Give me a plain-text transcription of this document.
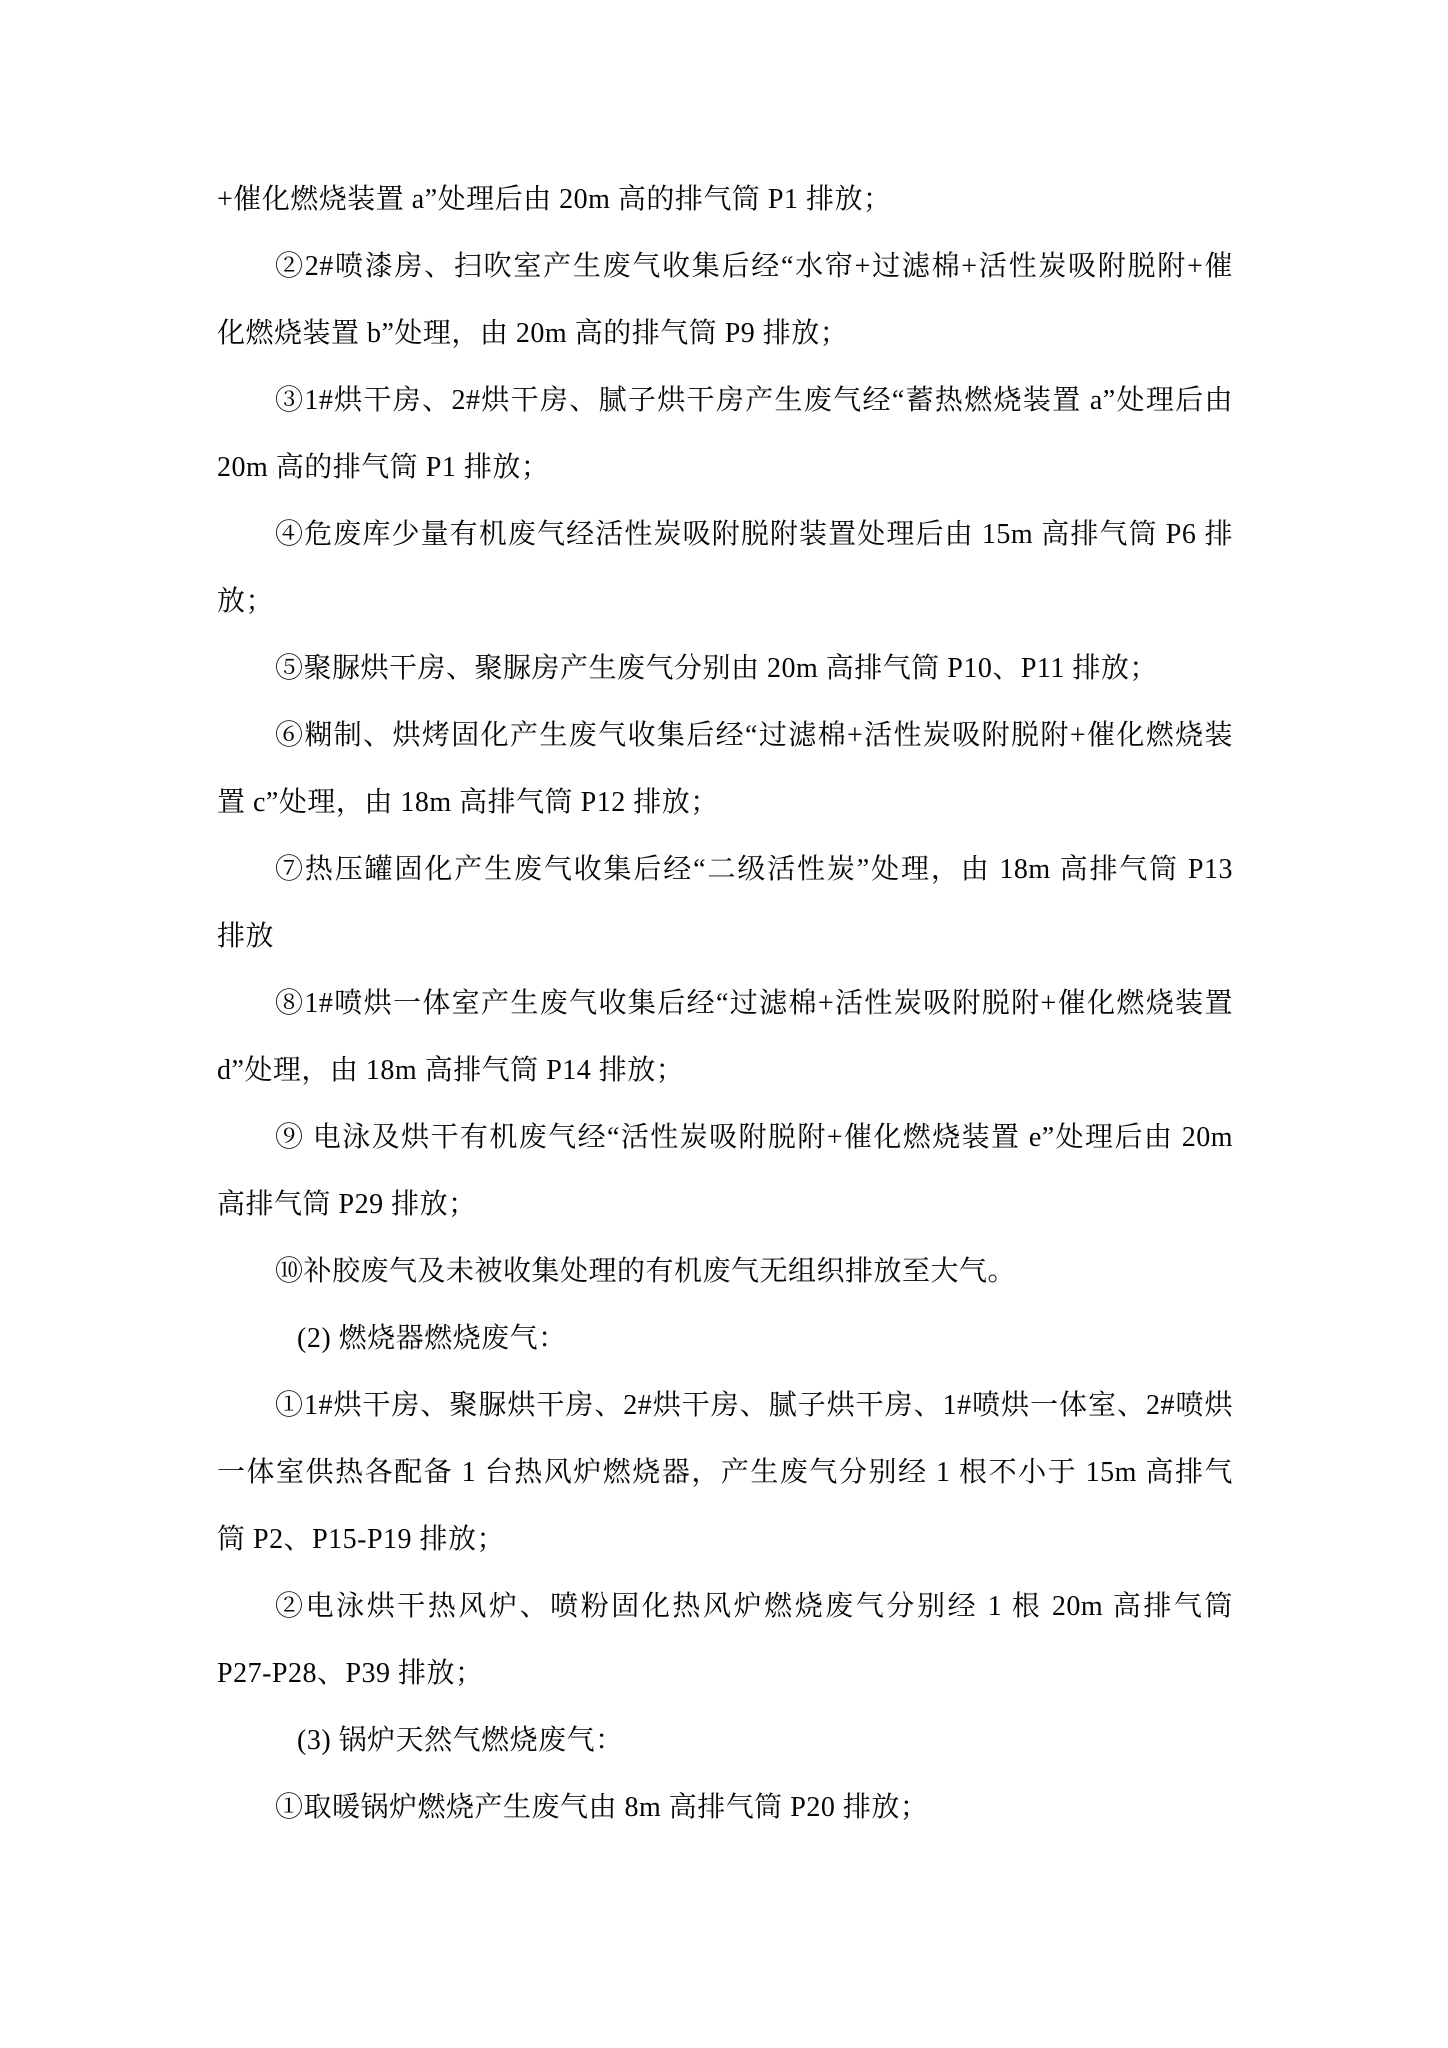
+催化燃烧装置 a”处理后由 20m 高的排气筒 P1 排放；
②2#喷漆房、扫吹室产生废气收集后经“水帘+过滤棉+活性炭吸附脱附+催
化燃烧装置 b”处理，由 20m 高的排气筒 P9 排放；
③1#烘干房、2#烘干房、腻子烘干房产生废气经“蓄热燃烧装置 a”处理后由
20m 高的排气筒 P1 排放；
④危废库少量有机废气经活性炭吸附脱附装置处理后由 15m 高排气筒 P6 排
放；
⑤聚脲烘干房、聚脲房产生废气分别由 20m 高排气筒 P10、P11 排放；
⑥糊制、烘烤固化产生废气收集后经“过滤棉+活性炭吸附脱附+催化燃烧装
置 c”处理，由 18m 高排气筒 P12 排放；
⑦热压罐固化产生废气收集后经“二级活性炭”处理，由 18m 高排气筒 P13
排放
⑧1#喷烘一体室产生废气收集后经“过滤棉+活性炭吸附脱附+催化燃烧装置
d”处理，由 18m 高排气筒 P14 排放；
⑨ 电泳及烘干有机废气经“活性炭吸附脱附+催化燃烧装置 e”处理后由 20m
高排气筒 P29 排放；
⑩补胶废气及未被收集处理的有机废气无组织排放至大气。
(2) 燃烧器燃烧废气：
①1#烘干房、聚脲烘干房、2#烘干房、腻子烘干房、1#喷烘一体室、2#喷烘
一体室供热各配备 1 台热风炉燃烧器，产生废气分别经 1 根不小于 15m 高排气
筒 P2、P15-P19 排放；
②电泳烘干热风炉、喷粉固化热风炉燃烧废气分别经 1 根 20m 高排气筒
P27-P28、P39 排放；
(3) 锅炉天然气燃烧废气：
①取暖锅炉燃烧产生废气由 8m 高排气筒 P20 排放；
